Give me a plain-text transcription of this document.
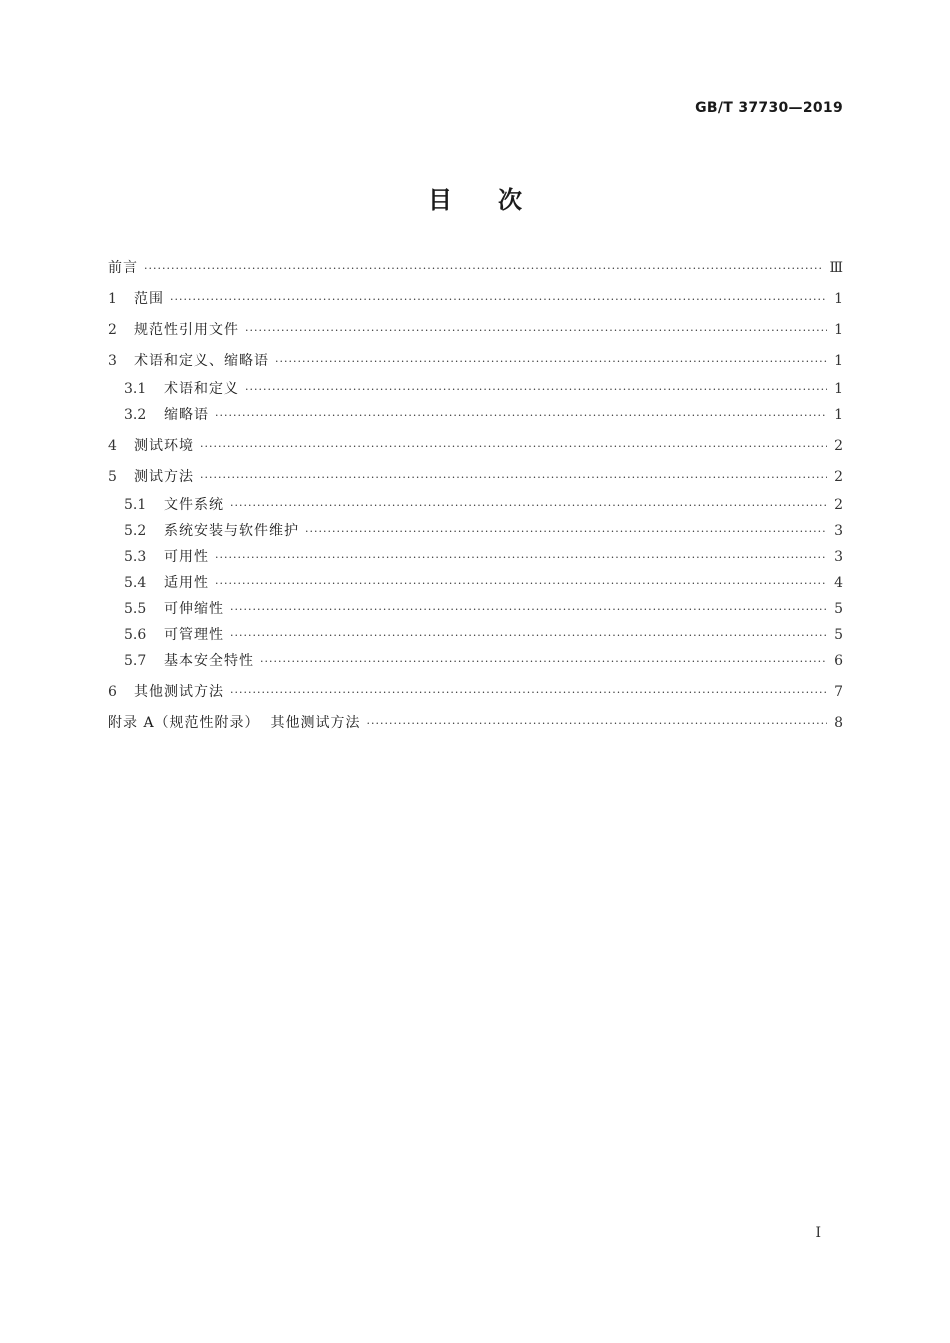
GB/T 37730—2019
目次
前言 ·····	Ⅲ
1	范围 ·····	1
2	规范性引用文件 ·····	1
3	术语和定义、缩略语 ·····	1
3.1	术语和定义 ·····	1
3.2	缩略语 ·····	1
4	测试环境 ·····	2
5	测试方法 ·····	2
5.1	文件系统 ·····	2
5.2	系统安装与软件维护 ·····	3
5.3	可用性 ·····	3
5.4	适用性 ·····	4
5.5	可伸缩性 ·····	5
5.6	可管理性 ·····	5
5.7	基本安全特性 ·····	6
6	其他测试方法 ·····	7
附录 A（规范性附录）  其他测试方法 ·····	8
Ⅰ
